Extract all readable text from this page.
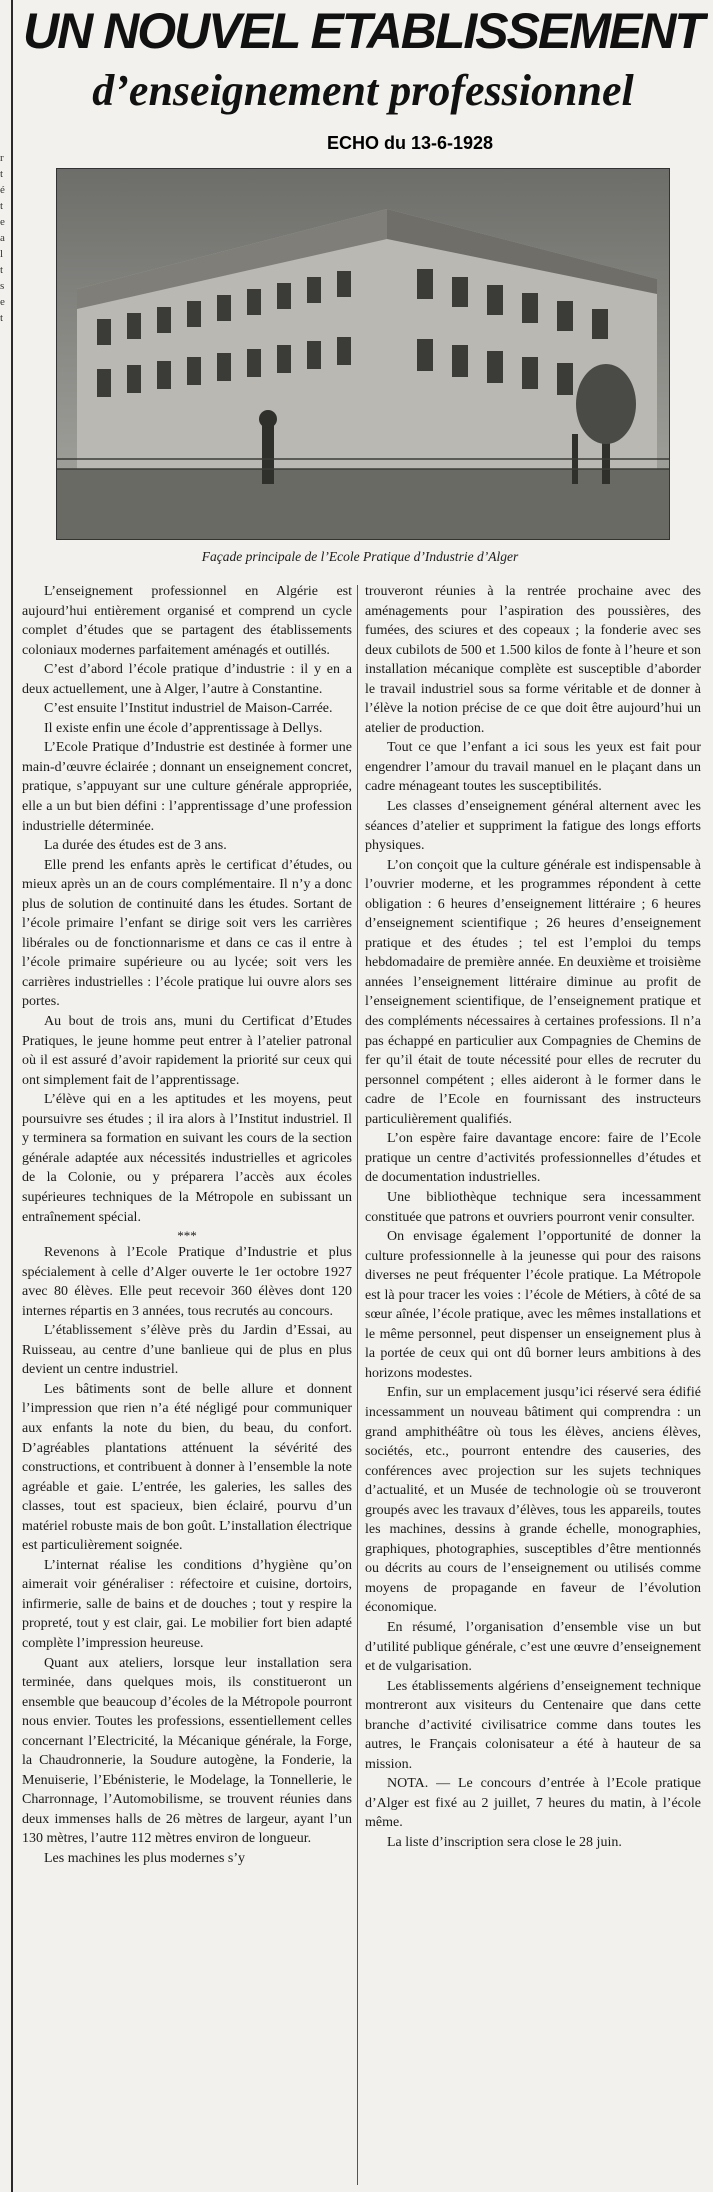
r
t
é
t
e
a
l
t
s
e
t
UN NOUVEL ETABLISSEMENT
d’enseignement professionnel
ECHO du 13-6-1928
Façade principale de l’Ecole Pratique d’Industrie d’Alger

L’enseignement professionnel en Algérie est aujourd’hui entièrement organisé et comprend un cycle complet d’études que se partagent des établissements coloniaux modernes parfaitement aménagés et outillés.

C’est d’abord l’école pratique d’industrie : il y en a deux actuellement, une à Alger, l’autre à Constantine.

C’est ensuite l’Institut industriel de Maison-Carrée.

Il existe enfin une école d’apprentissage à Dellys.

L’Ecole Pratique d’Industrie est destinée à former une main-d’œuvre éclairée ; donnant un enseignement concret, pratique, s’appuyant sur une culture générale appropriée, elle a un but bien défini : l’apprentissage d’une profession industrielle déterminée.

La durée des études est de 3 ans.

Elle prend les enfants après le certificat d’études, ou mieux après un an de cours complémentaire. Il n’y a donc plus de solution de continuité dans les études. Sortant de l’école primaire l’enfant se dirige soit vers les carrières libérales ou de fonctionnarisme et dans ce cas il entre à l’école primaire supérieure ou au lycée; soit vers les carrières industrielles : l’école pratique lui ouvre alors ses portes.

Au bout de trois ans, muni du Certificat d’Etudes Pratiques, le jeune homme peut entrer à l’atelier patronal où il est assuré d’avoir rapidement la priorité sur ceux qui ont simplement fait de l’apprentissage.

L’élève qui en a les aptitudes et les moyens, peut poursuivre ses études ; il ira alors à l’Institut industriel. Il y terminera sa formation en suivant les cours de la section générale adaptée aux nécessités industrielles et agricoles de la Colonie, ou y préparera l’accès aux écoles supérieures techniques de la Métropole en subissant un entraînement spécial.

***

Revenons à l’Ecole Pratique d’Industrie et plus spécialement à celle d’Alger ouverte le 1er octobre 1927 avec 80 élèves. Elle peut recevoir 360 élèves dont 120 internes répartis en 3 années, tous recrutés au concours.

L’établissement s’élève près du Jardin d’Essai, au Ruisseau, au centre d’une banlieue qui de plus en plus devient un centre industriel.

Les bâtiments sont de belle allure et donnent l’impression que rien n’a été négligé pour communiquer aux enfants la note du bien, du beau, du confort. D’agréables plantations atténuent la sévérité des constructions, et contribuent à donner à l’ensemble la note agréable et gaie. L’entrée, les galeries, les salles des classes, tout est spacieux, bien éclairé, pourvu d’un matériel robuste mais de bon goût. L’installation électrique est particulièrement soignée.

L’internat réalise les conditions d’hygiène qu’on aimerait voir généraliser : réfectoire et cuisine, dortoirs, infirmerie, salle de bains et de douches ; tout y respire la propreté, tout y est clair, gai. Le mobilier fort bien adapté complète l’impression heureuse.

Quant aux ateliers, lorsque leur installation sera terminée, dans quelques mois, ils constitueront un ensemble que beaucoup d’écoles de la Métropole pourront nous envier. Toutes les professions, essentiellement celles concernant l’Electricité, la Mécanique générale, la Forge, la Chaudronnerie, la Soudure autogène, la Fonderie, la Menuiserie, l’Ebénisterie, le Modelage, la Tonnellerie, le Charronnage, l’Automobilisme, se trouvent réunies dans deux immenses halls de 26 mètres de largeur, ayant l’un 130 mètres, l’autre 112 mètres environ de longueur.

Les machines les plus modernes s’y

trouveront réunies à la rentrée prochaine avec des aménagements pour l’aspiration des poussières, des fumées, des sciures et des copeaux ; la fonderie avec ses deux cubilots de 500 et 1.500 kilos de fonte à l’heure et son installation mécanique complète est susceptible d’aborder le travail industriel sous sa forme véritable et de donner à l’élève la notion précise de ce que doit être aujourd’hui un atelier de production.

Tout ce que l’enfant a ici sous les yeux est fait pour engendrer l’amour du travail manuel en le plaçant dans un cadre ménageant toutes les susceptibilités.

Les classes d’enseignement général alternent avec les séances d’atelier et suppriment la fatigue des longs efforts physiques.

L’on conçoit que la culture générale est indispensable à l’ouvrier moderne, et les programmes répondent à cette obligation : 6 heures d’enseignement littéraire ; 6 heures d’enseignement scientifique ; 26 heures d’enseignement pratique et des études ; tel est l’emploi du temps hebdomadaire de première année. En deuxième et troisième années l’enseignement littéraire diminue au profit de l’enseignement scientifique, de l’enseignement pratique et des compléments nécessaires à certaines professions. Il n’a pas échappé en particulier aux Compagnies de Chemins de fer qu’il était de toute nécessité pour elles de recruter du personnel compétent ; elles aideront à le former dans le cadre de l’Ecole en fournissant des instructeurs particulièrement qualifiés.

L’on espère faire davantage encore: faire de l’Ecole pratique un centre d’activités professionnelles d’études et de documentation industrielles.

Une bibliothèque technique sera incessamment constituée que patrons et ouvriers pourront venir consulter.

On envisage également l’opportunité de donner la culture professionnelle à la jeunesse qui pour des raisons diverses ne peut fréquenter l’école pratique. La Métropole est là pour tracer les voies : l’école de Métiers, à côté de sa sœur aînée, l’école pratique, avec les mêmes installations et le même personnel, peut dispenser un enseignement plus à la portée de ceux qui ont dû borner leurs ambitions à des horizons modestes.

Enfin, sur un emplacement jusqu’ici réservé sera édifié incessamment un nouveau bâtiment qui comprendra : un grand amphithéâtre où tous les élèves, anciens élèves, sociétés, etc., pourront entendre des causeries, des conférences avec projection sur les sujets techniques d’actualité, et un Musée de technologie où se trouveront groupés avec les travaux d’élèves, tous les appareils, toutes les machines, dessins à grande échelle, monographies, graphiques, photographies, susceptibles d’être mentionnés ou décrits au cours de l’enseignement ou utilisés comme moyens de propagande en faveur de l’évolution économique.

En résumé, l’organisation d’ensemble vise un but d’utilité publique générale, c’est une œuvre d’enseignement et de vulgarisation.

Les établissements algériens d’enseignement technique montreront aux visiteurs du Centenaire que dans cette branche d’activité civilisatrice comme dans toutes les autres, le Français colonisateur a été à hauteur de sa mission.

NOTA. — Le concours d’entrée à l’Ecole pratique d’Alger est fixé au 2 juillet, 7 heures du matin, à l’école même.

La liste d’inscription sera close le 28 juin.
